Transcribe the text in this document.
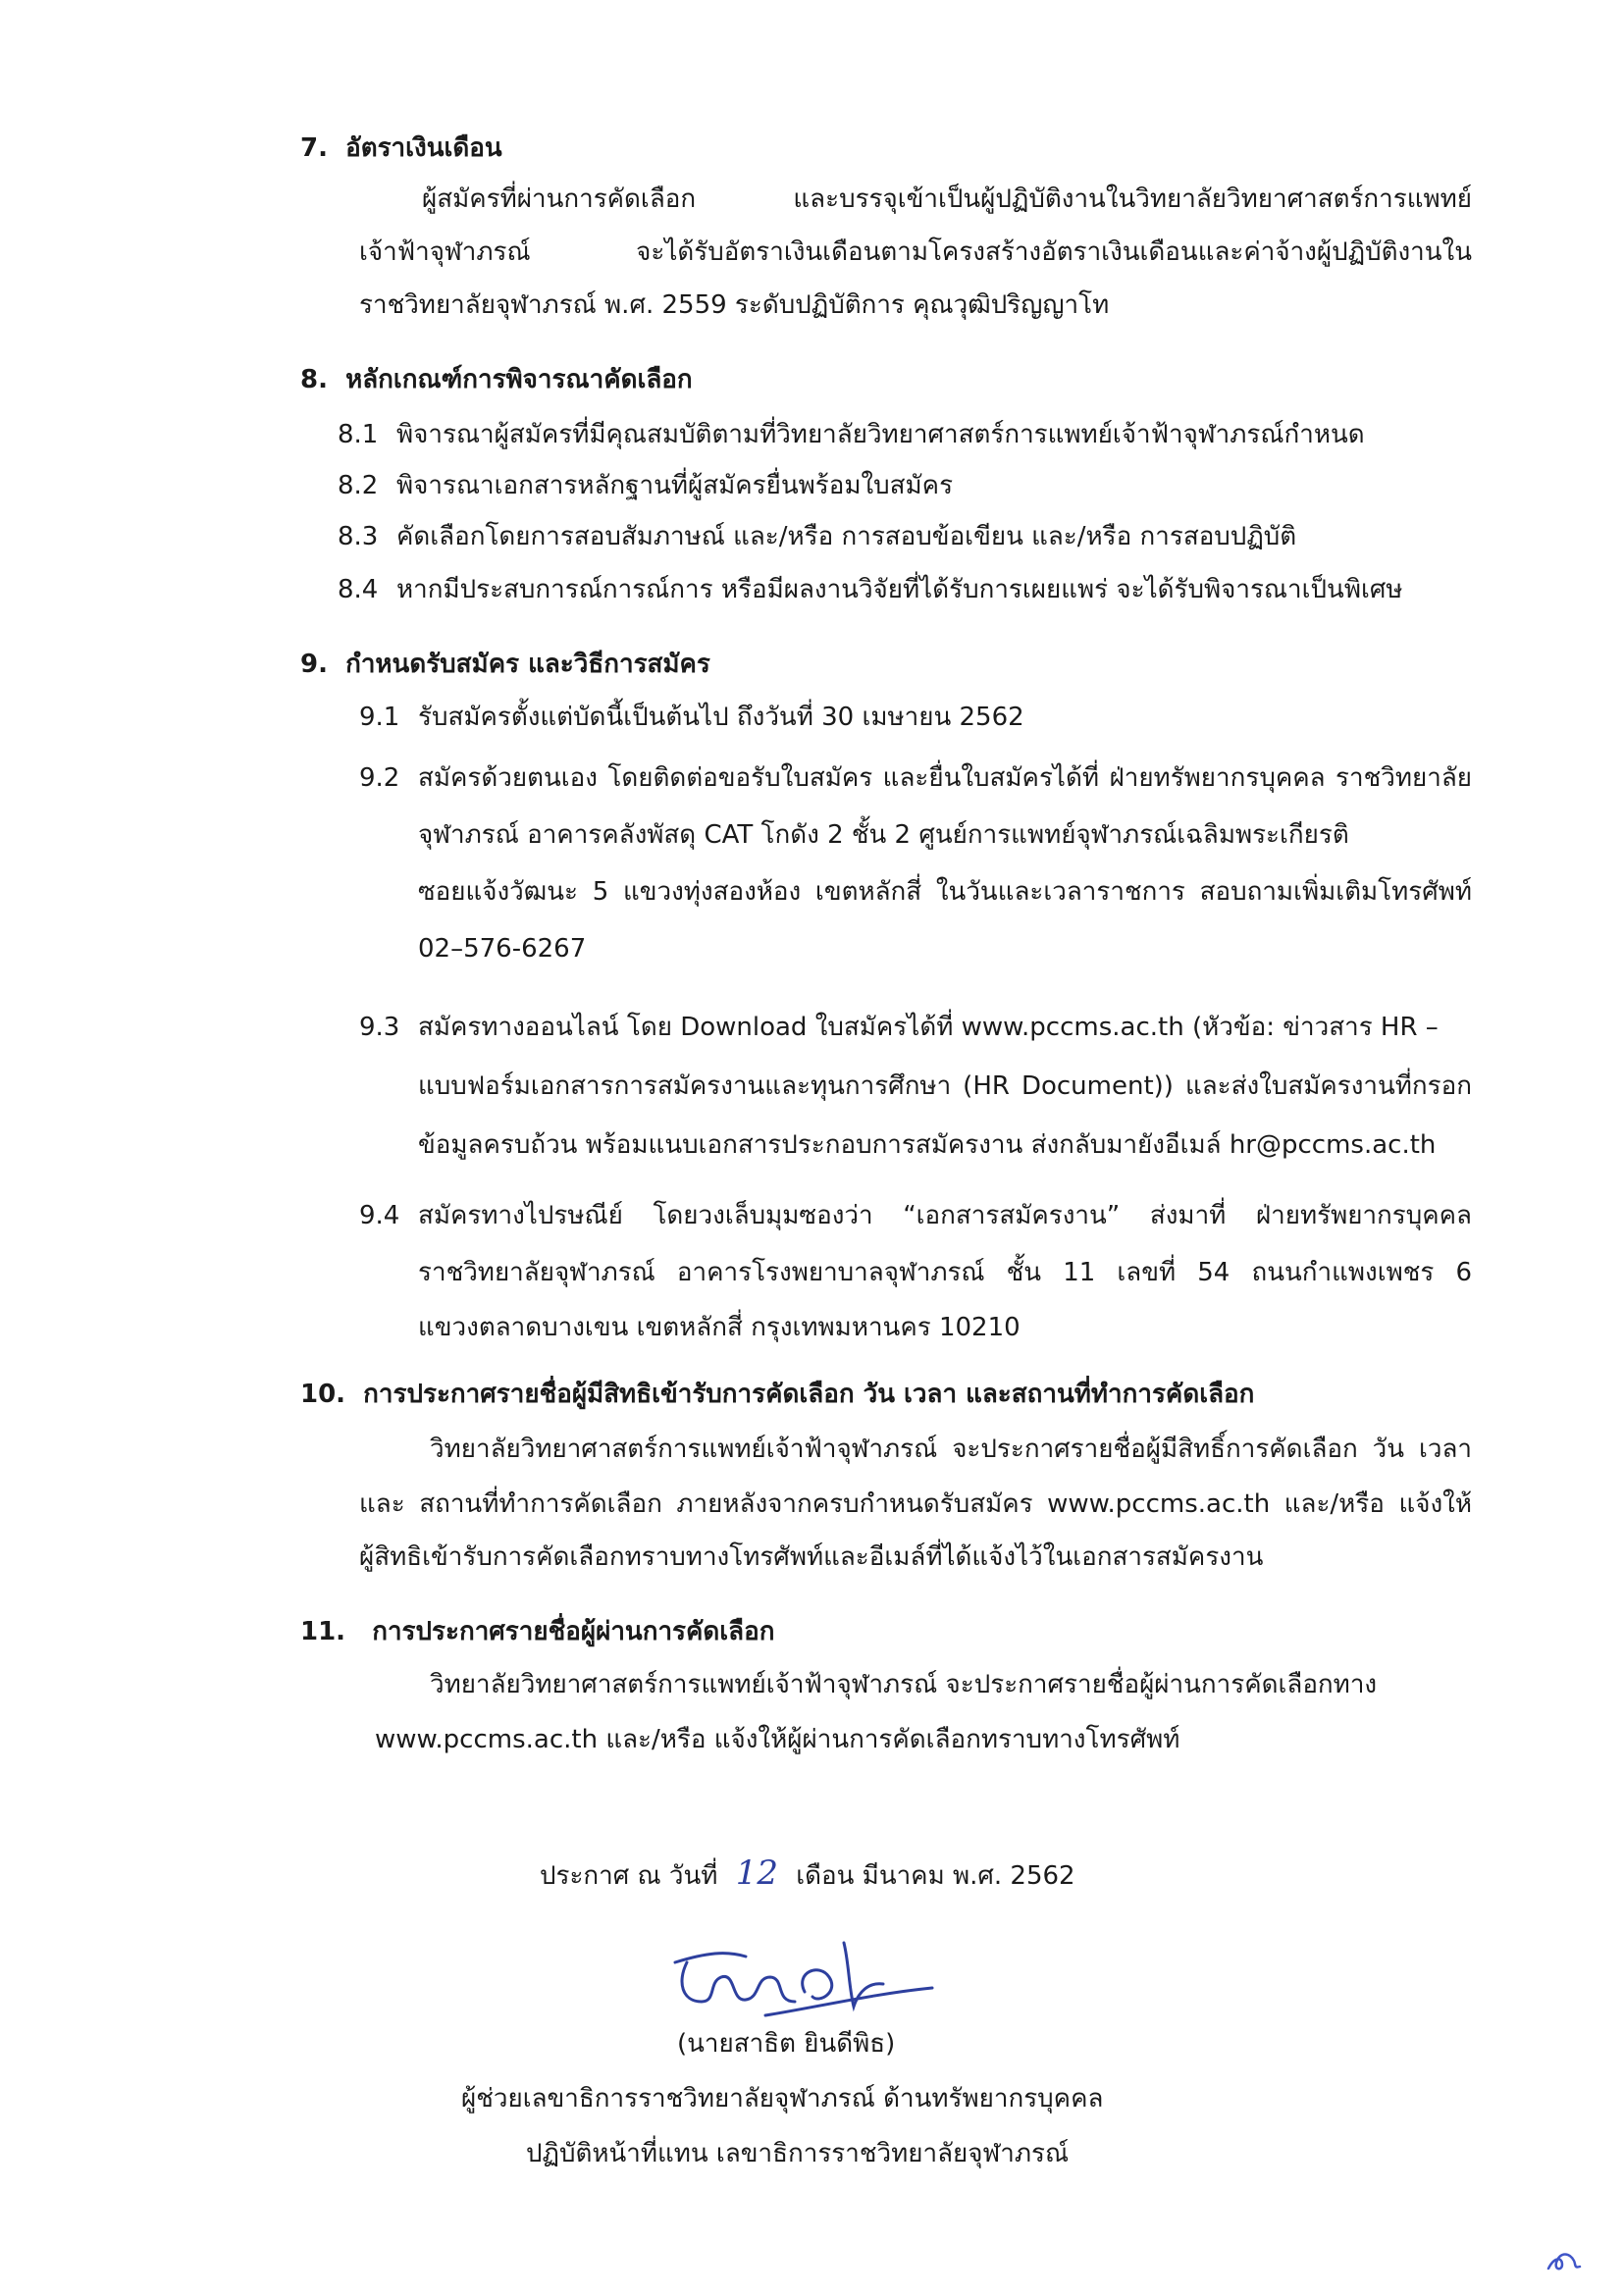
7. อัตราเงินเดือน
ผู้สมัครที่ผ่านการคัดเลือก และบรรจุเข้าเป็นผู้ปฏิบัติงานในวิทยาลัยวิทยาศาสตร์การแพทย์
เจ้าฟ้าจุฬาภรณ์ จะได้รับอัตราเงินเดือนตามโครงสร้างอัตราเงินเดือนและค่าจ้างผู้ปฏิบัติงานใน
ราชวิทยาลัยจุฬาภรณ์ พ.ศ. 2559 ระดับปฏิบัติการ คุณวุฒิปริญญาโท
8. หลักเกณฑ์การพิจารณาคัดเลือก
8.1 พิจารณาผู้สมัครที่มีคุณสมบัติตามที่วิทยาลัยวิทยาศาสตร์การแพทย์เจ้าฟ้าจุฬาภรณ์กำหนด
8.2 พิจารณาเอกสารหลักฐานที่ผู้สมัครยื่นพร้อมใบสมัคร
8.3 คัดเลือกโดยการสอบสัมภาษณ์ และ/หรือ การสอบข้อเขียน และ/หรือ การสอบปฏิบัติ
8.4 หากมีประสบการณ์การณ์การ หรือมีผลงานวิจัยที่ได้รับการเผยแพร่ จะได้รับพิจารณาเป็นพิเศษ
9. กำหนดรับสมัคร และวิธีการสมัคร
9.1 รับสมัครตั้งแต่บัดนี้เป็นต้นไป ถึงวันที่ 30 เมษายน 2562
9.2 สมัครด้วยตนเอง โดยติดต่อขอรับใบสมัคร และยื่นใบสมัครได้ที่ ฝ่ายทรัพยากรบุคคล ราชวิทยาลัย
จุฬาภรณ์ อาคารคลังพัสดุ CAT โกดัง 2 ชั้น 2 ศูนย์การแพทย์จุฬาภรณ์เฉลิมพระเกียรติ
ซอยแจ้งวัฒนะ 5 แขวงทุ่งสองห้อง เขตหลักสี่ ในวันและเวลาราชการ สอบถามเพิ่มเติมโทรศัพท์
02–576-6267
9.3 สมัครทางออนไลน์ โดย Download ใบสมัครได้ที่ www.pccms.ac.th (หัวข้อ: ข่าวสาร HR –
แบบฟอร์มเอกสารการสมัครงานและทุนการศึกษา (HR Document)) และส่งใบสมัครงานที่กรอก
ข้อมูลครบถ้วน พร้อมแนบเอกสารประกอบการสมัครงาน ส่งกลับมายังอีเมล์ hr@pccms.ac.th
9.4 สมัครทางไปรษณีย์ โดยวงเล็บมุมซองว่า “เอกสารสมัครงาน” ส่งมาที่ ฝ่ายทรัพยากรบุคคล
ราชวิทยาลัยจุฬาภรณ์ อาคารโรงพยาบาลจุฬาภรณ์ ชั้น 11 เลขที่ 54 ถนนกำแพงเพชร 6
แขวงตลาดบางเขน เขตหลักสี่ กรุงเทพมหานคร 10210
10. การประกาศรายชื่อผู้มีสิทธิเข้ารับการคัดเลือก วัน เวลา และสถานที่ทำการคัดเลือก
วิทยาลัยวิทยาศาสตร์การแพทย์เจ้าฟ้าจุฬาภรณ์ จะประกาศรายชื่อผู้มีสิทธิ์การคัดเลือก วัน เวลา
และ สถานที่ทำการคัดเลือก ภายหลังจากครบกำหนดรับสมัคร www.pccms.ac.th และ/หรือ แจ้งให้
ผู้สิทธิเข้ารับการคัดเลือกทราบทางโทรศัพท์และอีเมล์ที่ได้แจ้งไว้ในเอกสารสมัครงาน
11. การประกาศรายชื่อผู้ผ่านการคัดเลือก
วิทยาลัยวิทยาศาสตร์การแพทย์เจ้าฟ้าจุฬาภรณ์ จะประกาศรายชื่อผู้ผ่านการคัดเลือกทาง
www.pccms.ac.th และ/หรือ แจ้งให้ผู้ผ่านการคัดเลือกทราบทางโทรศัพท์
ประกาศ ณ วันที่ 12 เดือน มีนาคม พ.ศ. 2562
(นายสาธิต ยินดีพิธ)
ผู้ช่วยเลขาธิการราชวิทยาลัยจุฬาภรณ์ ด้านทรัพยากรบุคคล
ปฏิบัติหน้าที่แทน เลขาธิการราชวิทยาลัยจุฬาภรณ์
